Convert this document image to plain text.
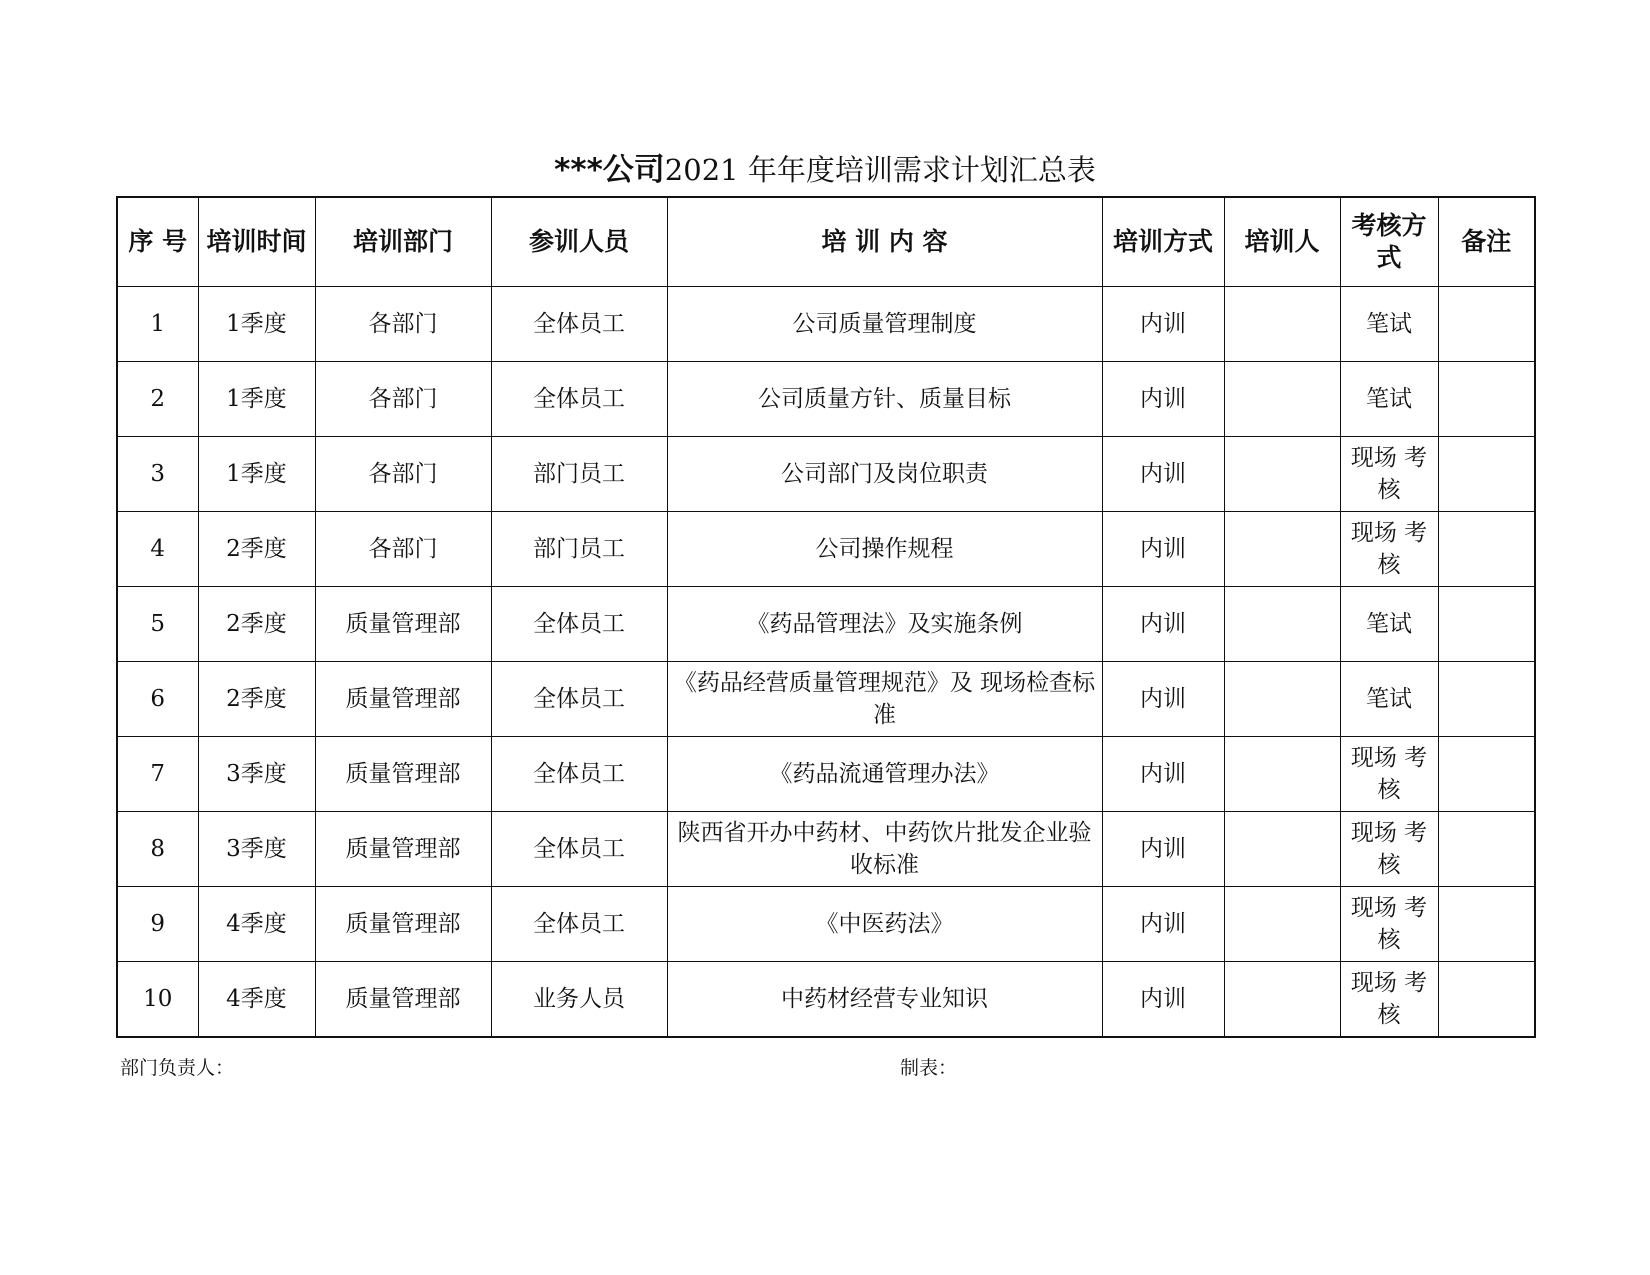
***公司2021 年年度培训需求计划汇总表
序 号	培训时间	培训部门	参训人员	培 训 内 容	培训方式	培训人	考核方式	备注
1	1季度	各部门	全体员工	公司质量管理制度	内训		笔试	
2	1季度	各部门	全体员工	公司质量方针、质量目标	内训		笔试	
3	1季度	各部门	部门员工	公司部门及岗位职责	内训		现场 考核	
4	2季度	各部门	部门员工	公司操作规程	内训		现场 考核	
5	2季度	质量管理部	全体员工	《药品管理法》及实施条例	内训		笔试	
6	2季度	质量管理部	全体员工	《药品经营质量管理规范》及 现场检查标准	内训		笔试	
7	3季度	质量管理部	全体员工	《药品流通管理办法》	内训		现场 考核	
8	3季度	质量管理部	全体员工	陕西省开办中药材、中药饮片批发企业验收标准	内训		现场 考核	
9	4季度	质量管理部	全体员工	《中医药法》	内训		现场 考核	
10	4季度	质量管理部	业务人员	中药材经营专业知识	内训		现场 考核	
部门负责人：	制表：
